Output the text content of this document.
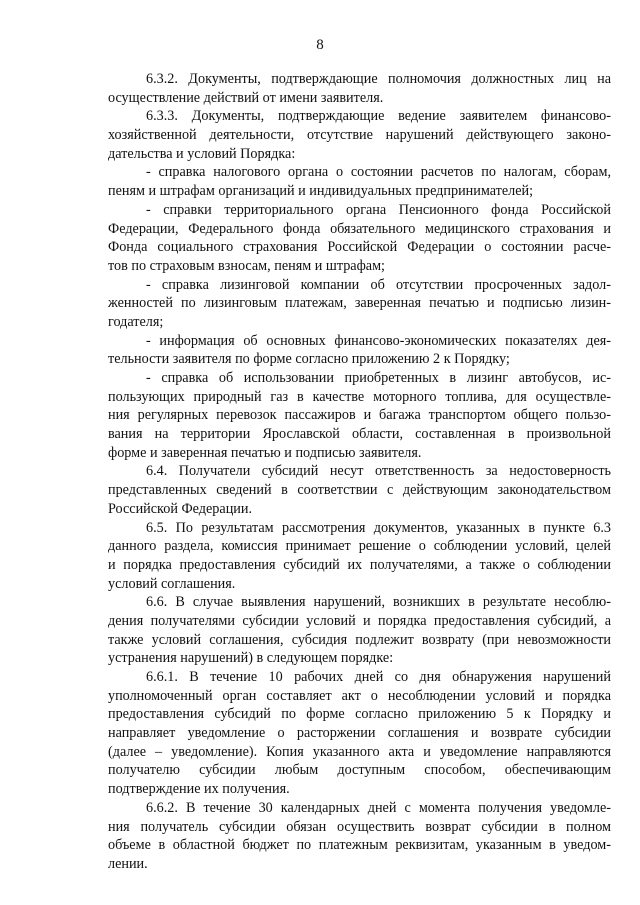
8
6.3.2. Документы, подтверждающие полномочия должностных лиц на
осуществление действий от имени заявителя.
6.3.3. Документы, подтверждающие ведение заявителем финансово-
хозяйственной деятельности, отсутствие нарушений действующего законо-
дательства и условий Порядка:
- справка налогового органа о состоянии расчетов по налогам, сборам,
пеням и штрафам организаций и индивидуальных предпринимателей;
- справки территориального органа Пенсионного фонда Российской
Федерации, Федерального фонда обязательного медицинского страхования и
Фонда социального страхования Российской Федерации о состоянии расче-
тов по страховым взносам, пеням и штрафам;
- справка лизинговой компании об отсутствии просроченных задол-
женностей по лизинговым платежам, заверенная печатью и подписью лизин-
годателя;
- информация об основных финансово-экономических показателях дея-
тельности заявителя по форме согласно приложению 2 к Порядку;
- справка об использовании приобретенных в лизинг автобусов, ис-
пользующих природный газ в качестве моторного топлива, для осуществле-
ния регулярных перевозок пассажиров и багажа транспортом общего пользо-
вания на территории Ярославской области, составленная в произвольной
форме и заверенная печатью и подписью заявителя.
6.4. Получатели субсидий несут ответственность за недостоверность
представленных сведений в соответствии с действующим законодательством
Российской Федерации.
6.5. По результатам рассмотрения документов, указанных в пункте 6.3
данного раздела, комиссия принимает решение о соблюдении условий, целей
и порядка предоставления субсидий их получателями, а также о соблюдении
условий соглашения.
6.6. В случае выявления нарушений, возникших в результате несоблю-
дения получателями субсидии условий и порядка предоставления субсидий, а
также условий соглашения, субсидия подлежит возврату (при невозможности
устранения нарушений) в следующем порядке:
6.6.1. В течение 10 рабочих дней со дня обнаружения нарушений
уполномоченный орган составляет акт о несоблюдении условий и порядка
предоставления субсидий по форме согласно приложению 5 к Порядку и
направляет уведомление о расторжении соглашения и возврате субсидии
(далее – уведомление). Копия указанного акта и уведомление направляются
получателю субсидии любым доступным способом, обеспечивающим
подтверждение их получения.
6.6.2. В течение 30 календарных дней с момента получения уведомле-
ния получатель субсидии обязан осуществить возврат субсидии в полном
объеме в областной бюджет по платежным реквизитам, указанным в уведом-
лении.
